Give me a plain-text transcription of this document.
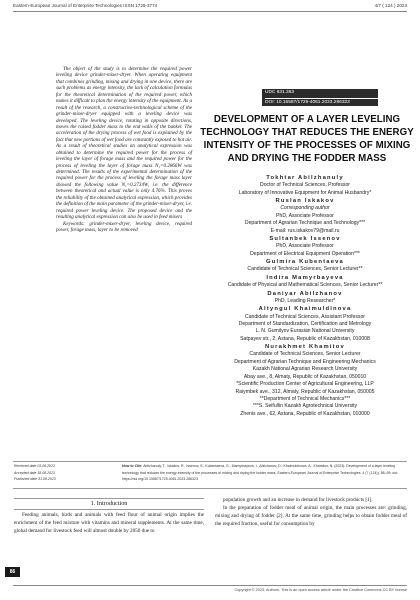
Eastern-European Journal of Enterprise Technologies ISSN 1729-3774	4/7 ( 124 ) 2023

The object of the study is to determine the required power leveling device grinder-mixer-dryer. When operating equipment that combines grinding, mixing and drying in one device, there are such problems as energy intensity, the lack of calculation formulas for the theoretical determination of the required power, which makes it difficult to plan the energy intensity of the equipment. As a result of the research, a constructive-technological scheme of the grinder-mixer-dryer equipped with a leveling device was developed. The leveling device, rotating in opposite directions, moves the raised fodder mass to the end walls of the bunker. The acceleration of the drying process of wet food is explained by the fact that new portions of wet food are constantly exposed to hot air. As a result of theoretical studies an analytical expression was obtained to determine the required power for the process of leveling the layer of forage mass and the required power for the process of leveling the layer of forage mass N₁=0.2866W was determined. The results of the experimental determination of the required power for the process of leveling the forage mass layer showed the following value N₁=0.2734W, i.e. the difference between theoretical and actual value is only 4.76%. This proves the reliability of the obtained analytical expression, which provides the definition of the main parameter of the grinder-mixer-dryer, i.e. required power leveling device. The proposed device and the resulting analytical expression can also be used in feed mixers

Keywords: grinder-mixer-dryer, leveling device, required power, forage mass, layer to be removed

UDC 631.363
DOI: 10.15587/1729-4061.2023.286323
DEVELOPMENT OF A LAYER LEVELING TECHNOLOGY THAT REDUCES THE ENERGY INTENSITY OF THE PROCESSES OF MIXING AND DRYING THE FODDER MASS
Tokhtar Abilzhanuly
Doctor of Technical Sciences, Professor
Laboratory of Innovative Equipment for Animal Husbandry*
Ruslan Iskakov
Corresponding author
PhD, Associate Professor
Department of Agrarian Technique and Technology***
E-mail: rus.iskakov79@mail.ru
Sultanbek Issenov
PhD, Associate Professor
Department of Electrical Equipment Operation***
Gulmira Kubentaeva
Candidate of Technical Sciences, Senior Lecturer**
Indira Mamyrbayeva
Candidate of Physical and Mathematical Sciences, Senior Lecturer**
Daniyar Abilzhanov
PhD, Leading Researcher*
Altyngul Khaimuldinova
Candidate of Technical Sciences, Assistant Professor
Department of Standardization, Certification and Metrology
L. N. Gumilyov Eurasian National University
Satpayev str., 2, Astana, Republic of Kazakhstan, 010008
Nurakhmet Khamitov
Candidate of Technical Sciences, Senior Lecturer
Department of Agrarian Technique and Engineering Mechanics
Kazakh National Agrarian Research University
Abay ave., 8, Almaty, Republic of Kazakhstan, 050010
*Scientific Production Center of Agricultural Engineering, LLP
Raiymbek ave., 312, Almaty, Republic of Kazakhstan, 050005
**Department of Technical Mechanics***
***S. Seifullin Kazakh Agrotechnical University
Zhenis ave., 62, Astana, Republic of Kazakhstan, 010000
Received date 03.06.2023
Accepted date 18.08.2023
Published date 31.08.2023
How to Cite: Abilzhanuly, T., Iskakov, R., Issenov, S., Kubentaeva, G., Mamyrbayeva, I., Abilzhanov, D., Khaimuldinova, A., Khamitov, N. (2023). Development of a layer leveling technology that reduces the energy intensity of the processes of mixing and drying the fodder mass. Eastern-European Journal of Enterprise Technologies, 4 (7 (124)), 86–95. doi: https://doi.org/10.15587/1729-4061.2023.286323
1. Introduction

Feeding animals, birds and animals with feed flour of animal origin implies the enrichment of the feed mixture with vitamins and mineral supplements. At the same time, global demand for livestock feed will almost double by 2050 due to

population growth and an increase in demand for livestock products [1].

In the preparation of fodder meal of animal origin, the main processes are: grinding, mixing and drying of fodder [2]. At the same time, grinding helps to obtain fodder meal of the required fraction, useful for consumption by

86
Copyright © 2023, Authors. This is an open access article under the Creative Commons CC BY license
